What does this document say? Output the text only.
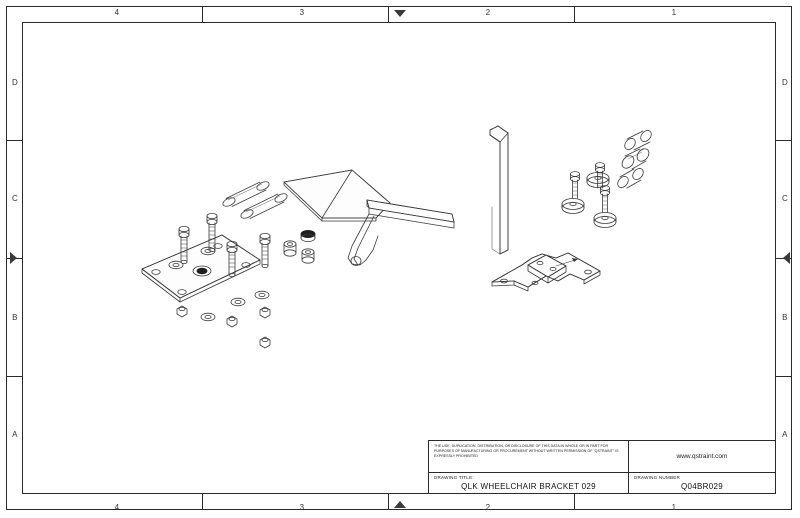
4	3	2	1
4	3	2	1
D
C
B
A
D
C
B
A
THE USE, DUPLICATION, DISTRIBUTION, OR DISCLOSURE OF THIS DATA IN WHOLE OR IN PART FOR PURPOSES OF MANUFACTURING OR PROCUREMENT WITHOUT WRITTEN PERMISSION OF "QSTRAINT" IS EXPRESSLY PROHIBITED	www.qstraint.com
DRAWING TITLE:
QLK WHEELCHAIR BRACKET 029
DRAWING NUMBER
Q04BR029
